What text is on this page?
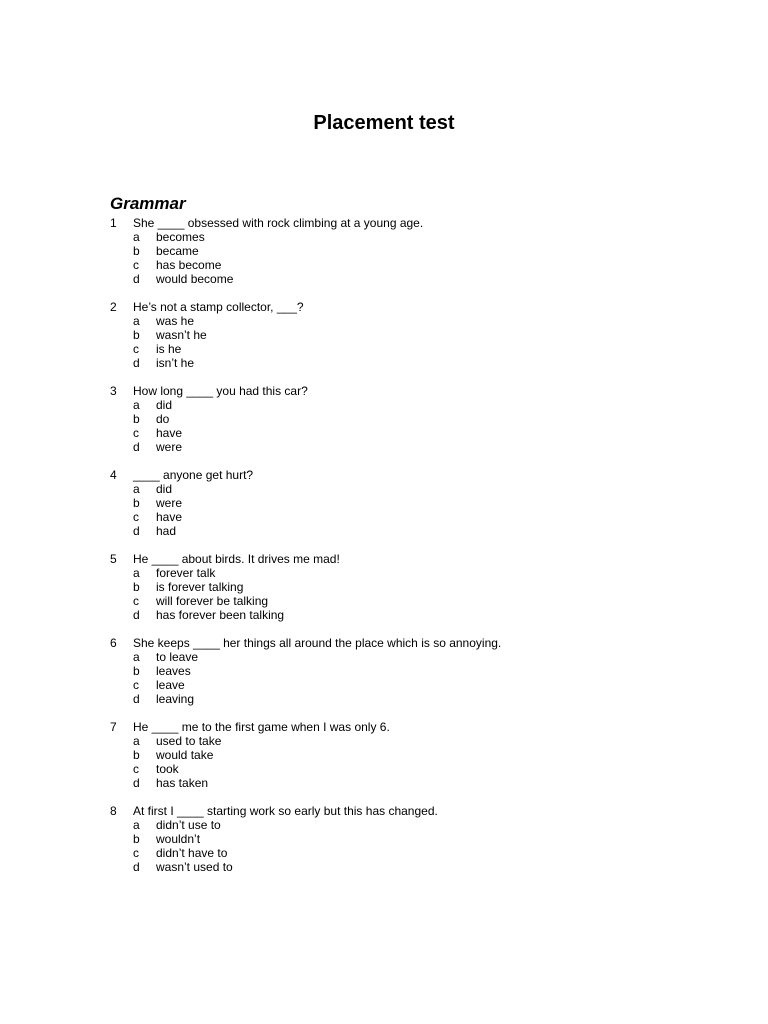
Placement test
Grammar
1	She ____ obsessed with rock climbing at a young age.
a	becomes
b	became
c	has become
d	would become
2	He’s not a stamp collector, ___?
a	was he
b	wasn’t he
c	is he
d	isn’t he
3	How long ____ you had this car?
a	did
b	do
c	have
d	were
4	____ anyone get hurt?
a	did
b	were
c	have
d	had
5	He ____ about birds. It drives me mad!
a	forever talk
b	is forever talking
c	will forever be talking
d	has forever been talking
6	She keeps ____ her things all around the place which is so annoying.
a	to leave
b	leaves
c	leave
d	leaving
7	He ____ me to the first game when I was only 6.
a	used to take
b	would take
c	took
d	has taken
8	At first I ____ starting work so early but this has changed.
a	didn’t use to
b	wouldn’t
c	didn’t have to
d	wasn’t used to
